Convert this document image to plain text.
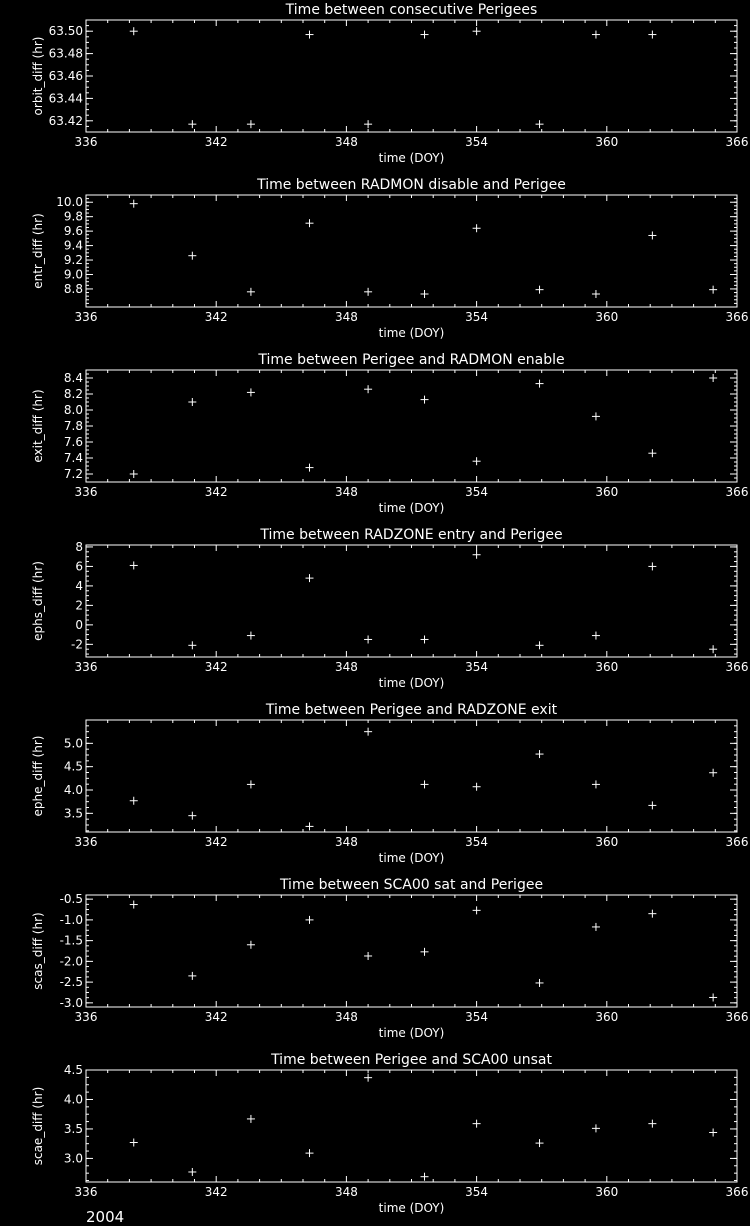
Time between consecutive Perigees
336	342	348	354	360	366
63.42
63.44
63.46
63.48
63.50
time (DOY)
orbit_diff (hr)
Time between RADMON disable and Perigee
336	342	348	354	360	366
8.8
9.0
9.2
9.4
9.6
9.8
10.0
time (DOY)
entr_diff (hr)
Time between Perigee and RADMON enable
336	342	348	354	360	366
7.2
7.4
7.6
7.8
8.0
8.2
8.4
time (DOY)
exit_diff (hr)
Time between RADZONE entry and Perigee
336	342	348	354	360	366
-2
0
2
4
6
8
time (DOY)
ephs_diff (hr)
Time between Perigee and RADZONE exit
336	342	348	354	360	366
3.5
4.0
4.5
5.0
time (DOY)
ephe_diff (hr)
Time between SCA00 sat and Perigee
336	342	348	354	360	366
-3.0
-2.5
-2.0
-1.5
-1.0
-0.5
time (DOY)
scas_diff (hr)
Time between Perigee and SCA00 unsat
336	342	348	354	360	366
3.0
3.5
4.0
4.5
time (DOY)
scae_diff (hr)
2004
